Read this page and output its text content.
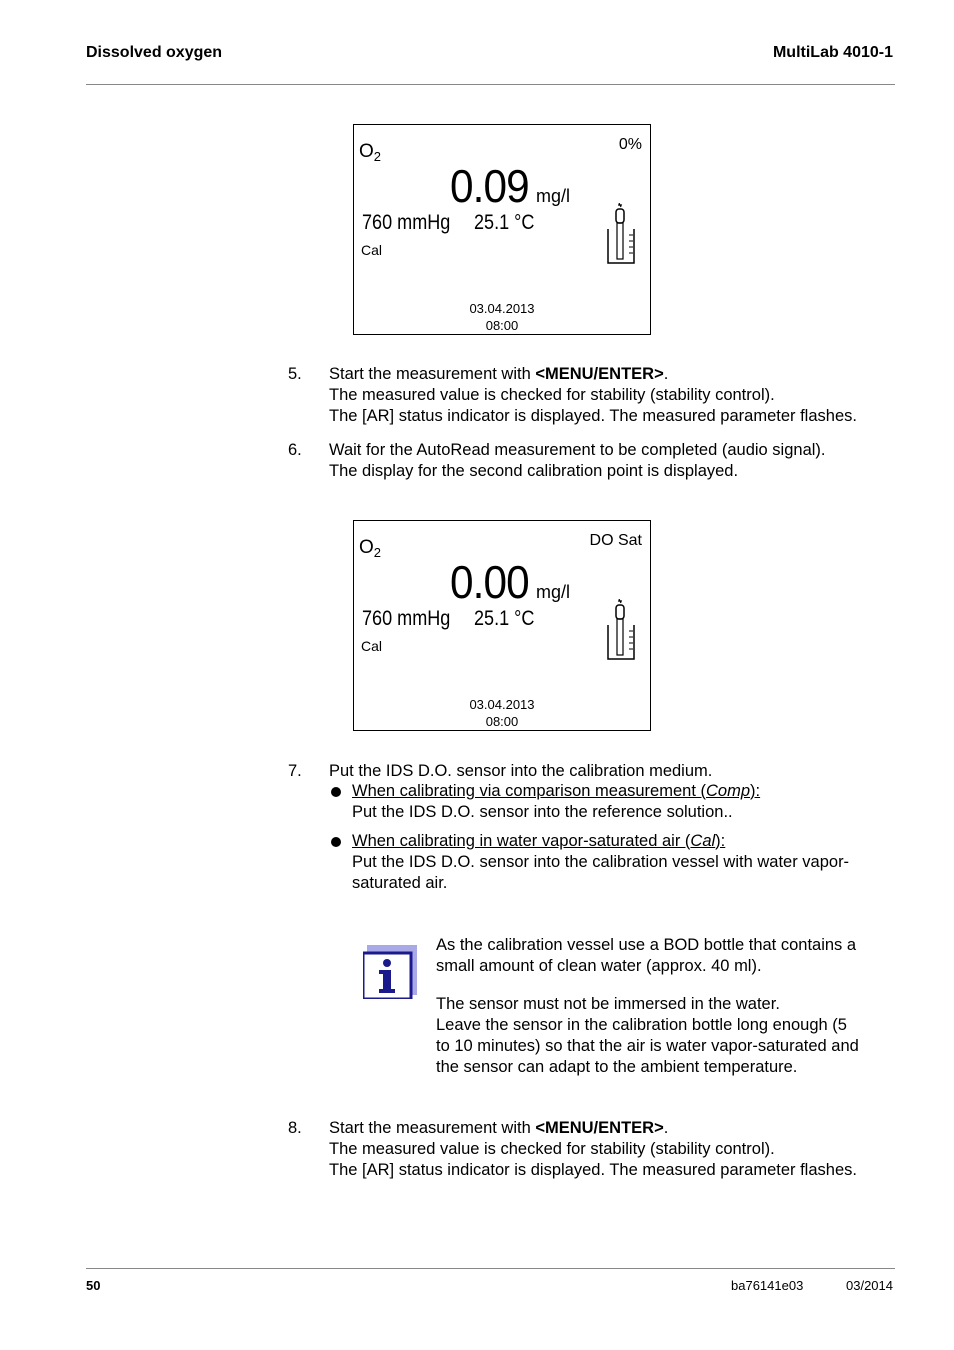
Dissolved oxygen	MultiLab 4010-1
$O_2$
0%
0.09 mg/l
760 mmHg 25.1 °C
Cal
03.04.2013
08:00
5. Start the measurement with <MENU/ENTER>.
The measured value is checked for stability (stability control).
The [AR] status indicator is displayed. The measured parameter flashes.
6. Wait for the AutoRead measurement to be completed (audio signal).
The display for the second calibration point is displayed.
$O_2$
DO Sat
0.00 mg/l
760 mmHg 25.1 °C
Cal
03.04.2013
08:00
7. Put the IDS D.O. sensor into the calibration medium.
When calibrating via comparison measurement (Comp):
Put the IDS D.O. sensor into the reference solution..
When calibrating in water vapor-saturated air (Cal):
Put the IDS D.O. sensor into the calibration vessel with water vapor-
saturated air.
As the calibration vessel use a BOD bottle that contains a
small amount of clean water (approx. 40 ml).
The sensor must not be immersed in the water.
Leave the sensor in the calibration bottle long enough (5
to 10 minutes) so that the air is water vapor-saturated and
the sensor can adapt to the ambient temperature.
8. Start the measurement with <MENU/ENTER>.
The measured value is checked for stability (stability control).
The [AR] status indicator is displayed. The measured parameter flashes.
50	ba76141e03	03/2014
